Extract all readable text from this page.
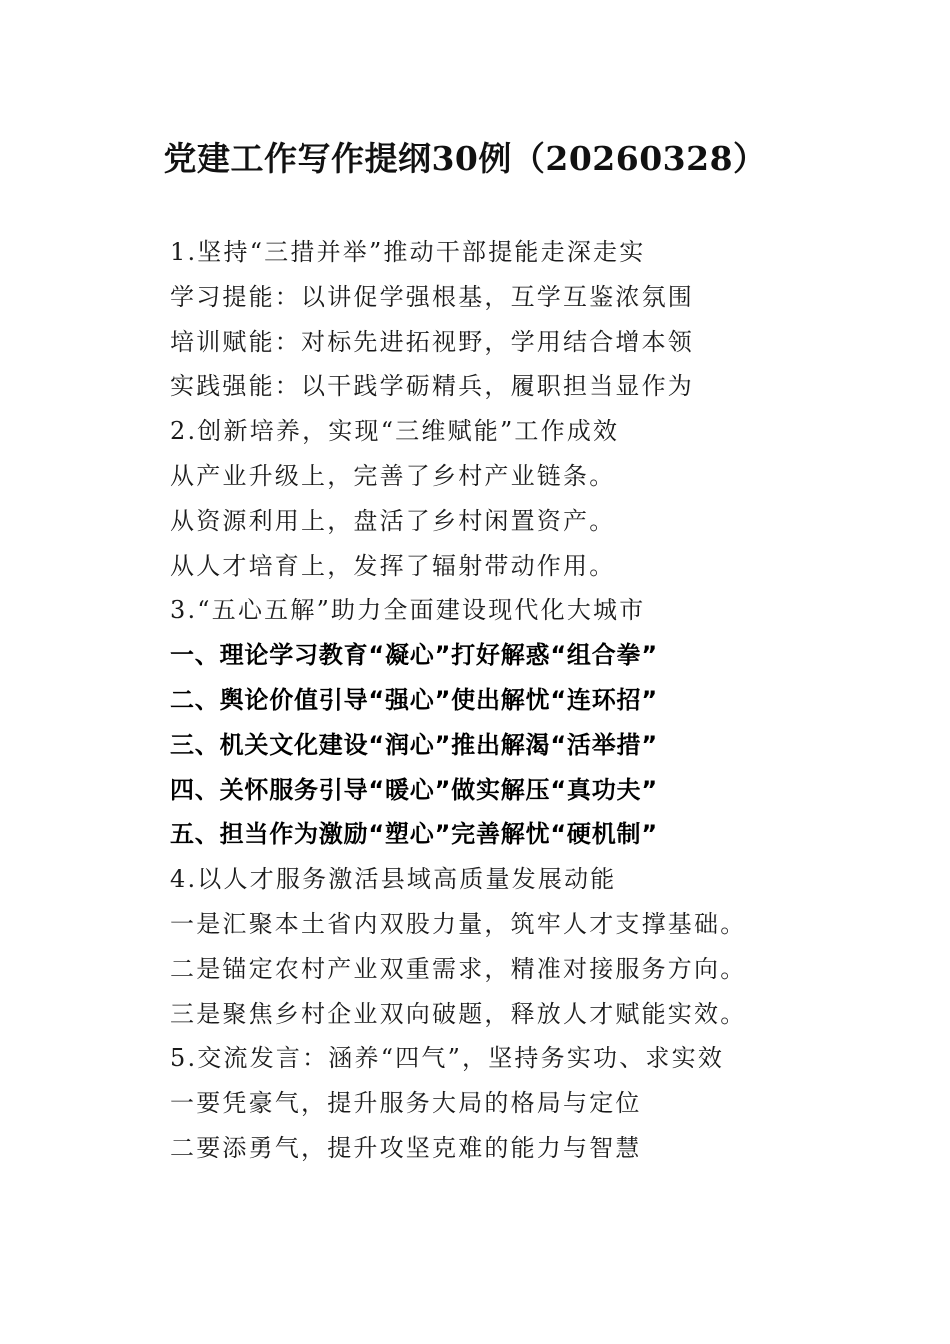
党建工作写作提纲30例（20260328）
1.坚持“三措并举”推动干部提能走深走实
学习提能：以讲促学强根基，互学互鉴浓氛围
培训赋能：对标先进拓视野，学用结合增本领
实践强能：以干践学砺精兵，履职担当显作为
2.创新培养，实现“三维赋能”工作成效
从产业升级上，完善了乡村产业链条。
从资源利用上，盘活了乡村闲置资产。
从人才培育上，发挥了辐射带动作用。
3.“五心五解”助力全面建设现代化大城市
一、理论学习教育“凝心”打好解惑“组合拳”
二、舆论价值引导“强心”使出解忧“连环招”
三、机关文化建设“润心”推出解渴“活举措”
四、关怀服务引导“暖心”做实解压“真功夫”
五、担当作为激励“塑心”完善解忧“硬机制”
4.以人才服务激活县域高质量发展动能
一是汇聚本土省内双股力量，筑牢人才支撑基础。
二是锚定农村产业双重需求，精准对接服务方向。
三是聚焦乡村企业双向破题，释放人才赋能实效。
5.交流发言：涵养“四气”，坚持务实功、求实效
一要凭豪气，提升服务大局的格局与定位
二要添勇气，提升攻坚克难的能力与智慧
